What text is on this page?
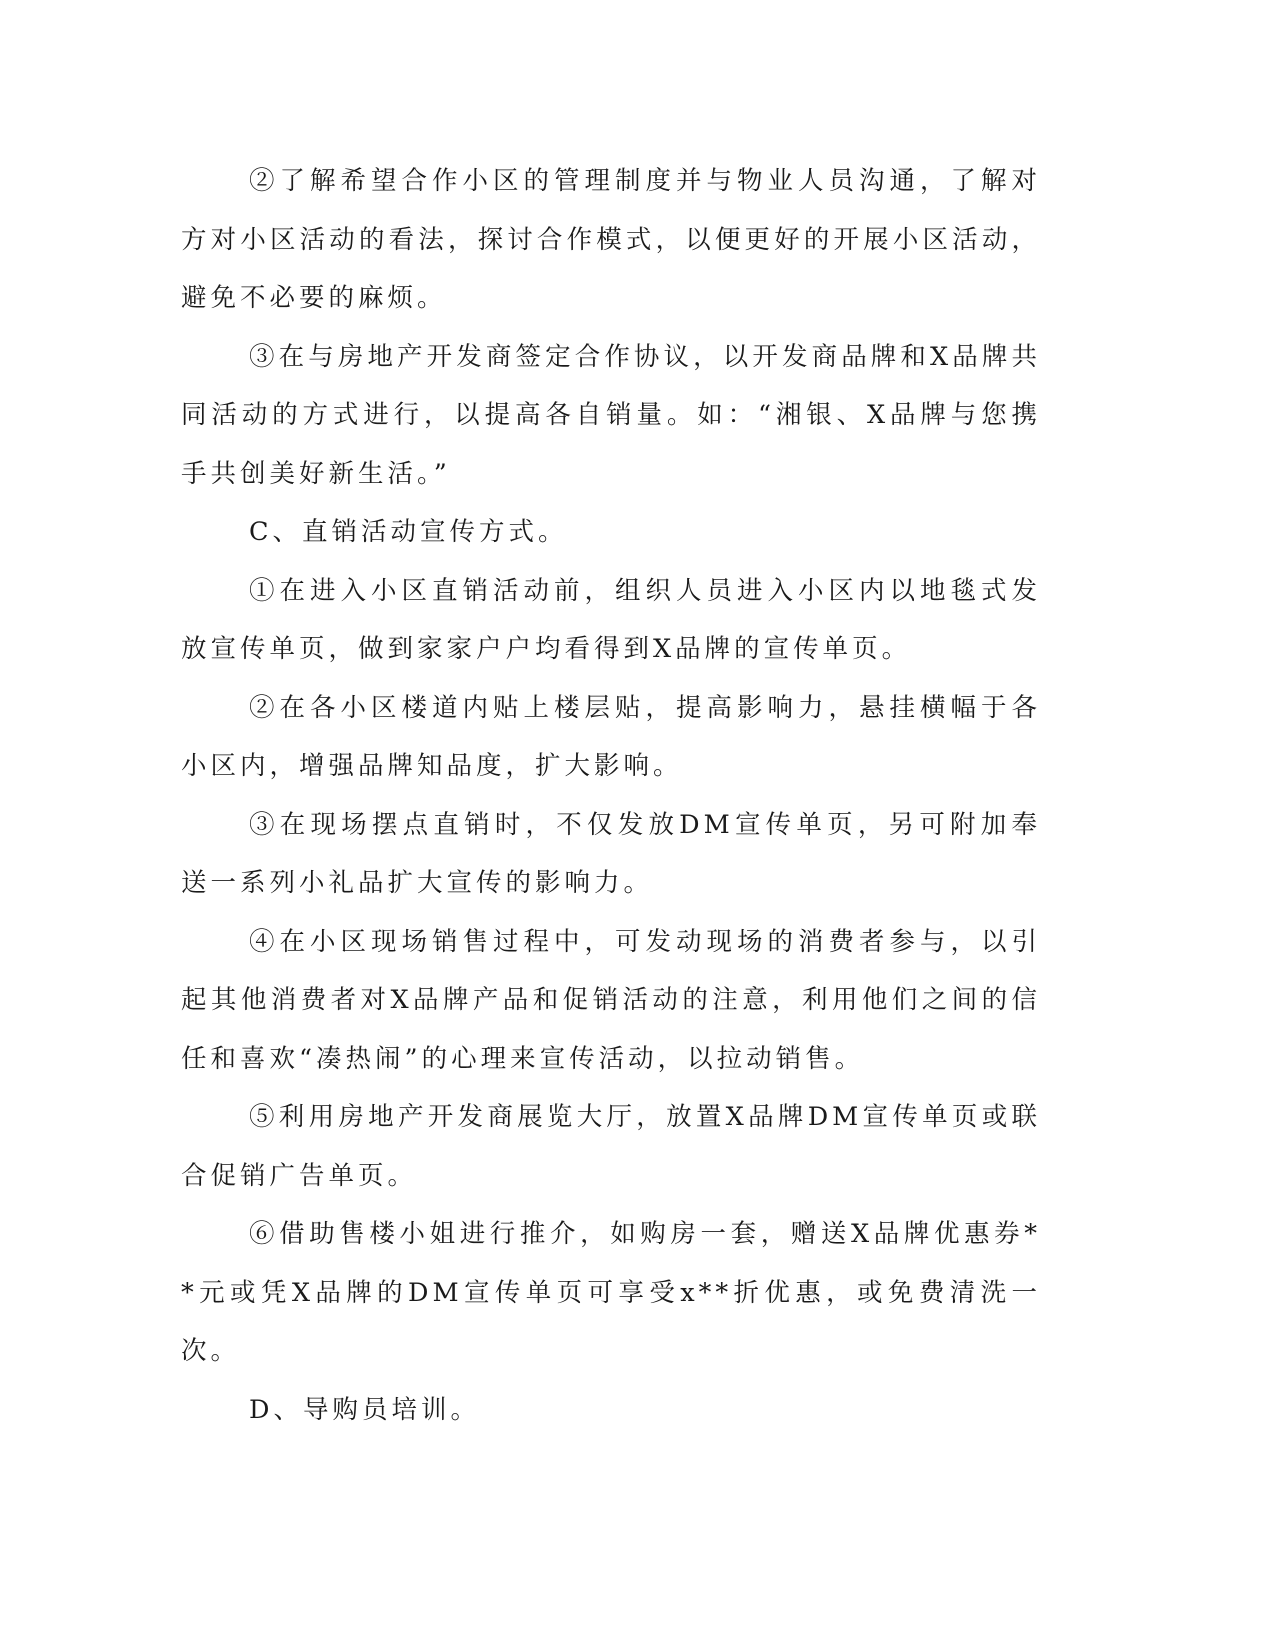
②了解希望合作小区的管理制度并与物业人员沟通，了解对方对小区活动的看法，探讨合作模式，以便更好的开展小区活动，避免不必要的麻烦。

③在与房地产开发商签定合作协议，以开发商品牌和X品牌共同活动的方式进行，以提高各自销量。如：“湘银、X品牌与您携手共创美好新生活。”

C、直销活动宣传方式。

①在进入小区直销活动前，组织人员进入小区内以地毯式发放宣传单页，做到家家户户均看得到X品牌的宣传单页。

②在各小区楼道内贴上楼层贴，提高影响力，悬挂横幅于各小区内，增强品牌知品度，扩大影响。

③在现场摆点直销时，不仅发放DM宣传单页，另可附加奉送一系列小礼品扩大宣传的影响力。

④在小区现场销售过程中，可发动现场的消费者参与，以引起其他消费者对X品牌产品和促销活动的注意，利用他们之间的信任和喜欢“凑热闹”的心理来宣传活动，以拉动销售。

⑤利用房地产开发商展览大厅，放置X品牌DM宣传单页或联合促销广告单页。

⑥借助售楼小姐进行推介，如购房一套，赠送X品牌优惠券**元或凭X品牌的DM宣传单页可享受x**折优惠，或免费清洗一次。

D、导购员培训。
